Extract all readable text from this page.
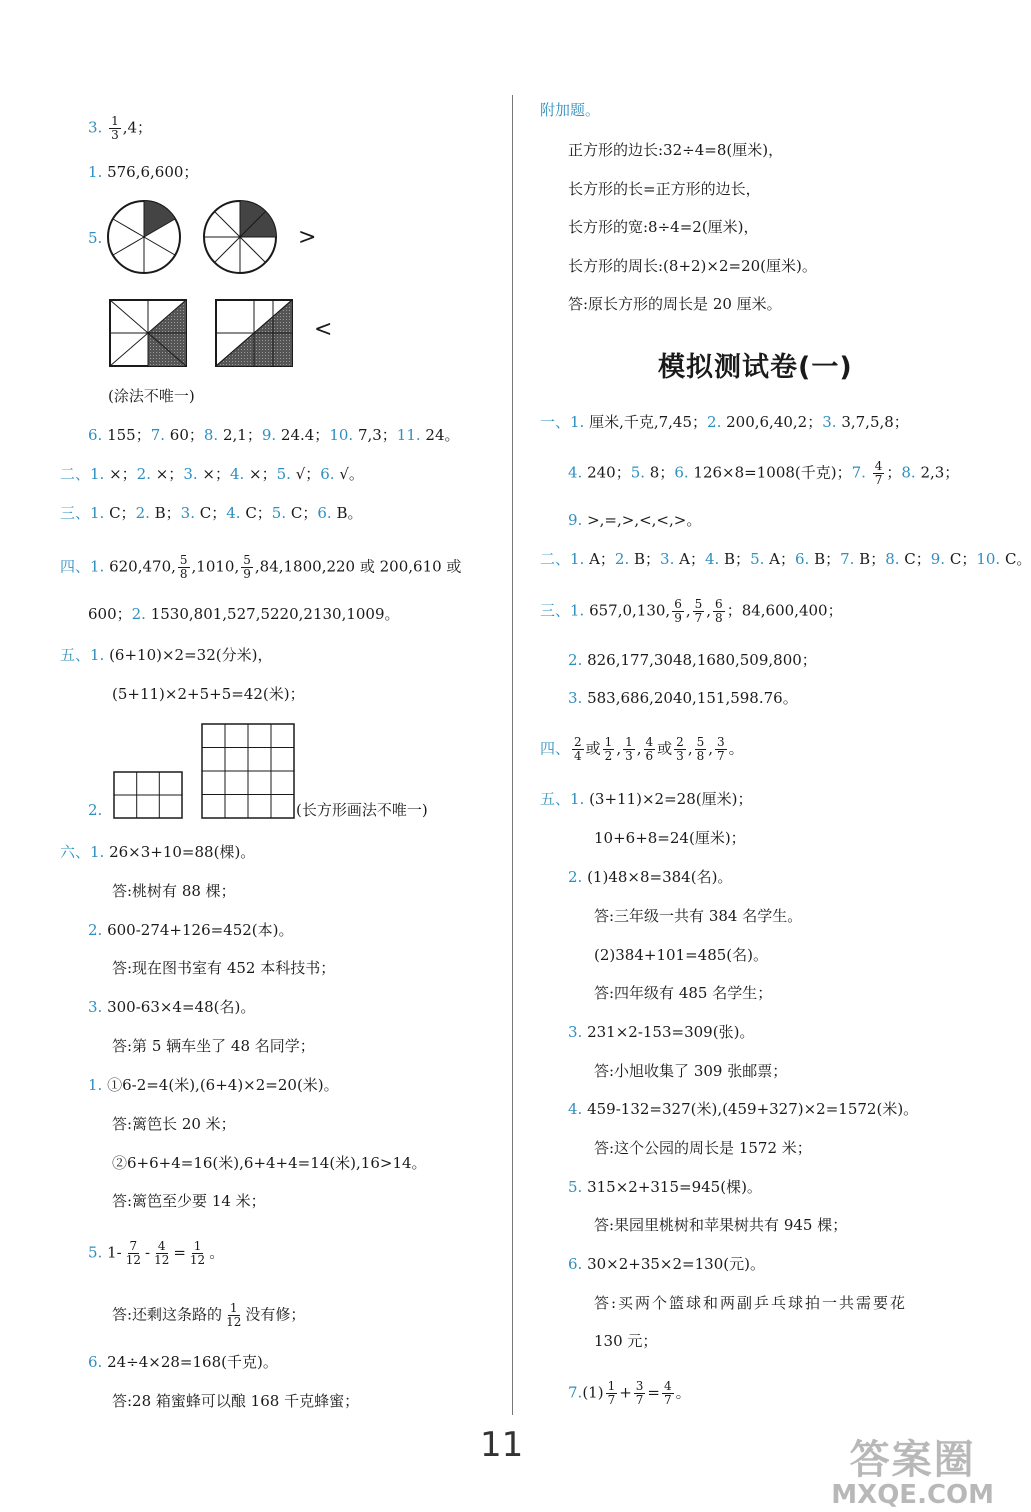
3. $\frac{1}{3} ,4$；
1. 576,6,600；
5.	>
<
(涂法不唯一)
6. 155；7. 60；8. 2,1；9. 24.4；10. 7,3；11. 24。
二、1. ×；2. ×；3. ×；4. ×；5. √；6. √。
三、1. C；2. B；3. C；4. C；5. C；6. B。
四、1. 620,470, $\frac{5}{8} ,1010$, $\frac{5}{9} ,84,1800,220$ 或 200,610 或
600；2. 1530,801,527,5220,2130,1009。
五、1. (6+10)×2=32(分米)，
(5+11)×2+5+5=42(米)；
2.	(长方形画法不唯一)
六、1. 26×3+10=88(棵)。
答:桃树有 88 棵；
2. 600-274+126=452(本)。
答:现在图书室有 452 本科技书；
3. 300-63×4=48(名)。
答:第 5 辆车坐了 48 名同学；
1. ①6-2=4(米),(6+4)×2=20(米)。
答:篱笆长 20 米；
②6+6+4=16(米),6+4+4=14(米),16>14。
答:篱笆至少要 14 米；
5. $1- \frac{7}{12} - \frac{4}{12} = \frac{1}{12}$ 。
答:还剩这条路的 $\frac{1}{12}$ 没有修；
6. 24÷4×28=168(千克)。
答:28 箱蜜蜂可以酿 168 千克蜂蜜；
附加题。
正方形的边长:32÷4=8(厘米)，
长方形的长=正方形的边长，
长方形的宽:8÷4=2(厘米)，
长方形的周长:(8+2)×2=20(厘米)。
答:原长方形的周长是 20 厘米。
模拟测试卷(一)
一、1. 厘米,千克,7,45；2. 200,6,40,2；3. 3,7,5,8；
4. 240；5. 8；6. 126×8=1008(千克)；7. $\frac{4}{7}$ ；8. 2,3；
9. >,=,>,<,<,>。
二、1. A；2. B；3. A；4. B；5. A；6. B；7. B；8. C；9. C；10. C。
三、1. 657,0,130, $\frac{6}{9}$ , $\frac{5}{7}$ , $\frac{6}{8}$ ；84,600,400；
2. 826,177,3048,1680,509,800；
3. 583,686,2040,151,598.76。
四、 $\frac{2}{4}$ 或 $\frac{1}{2}$ , $\frac{1}{3}$ , $\frac{4}{6}$ 或 $\frac{2}{3}$ , $\frac{5}{8}$ , $\frac{3}{7}$ 。
五、1. (3+11)×2=28(厘米)；
10+6+8=24(厘米)；
2. (1)48×8=384(名)。
答:三年级一共有 384 名学生。
(2)384+101=485(名)。
答:四年级有 485 名学生；
3. 231×2-153=309(张)。
答:小旭收集了 309 张邮票；
4. 459-132=327(米),(459+327)×2=1572(米)。
答:这个公园的周长是 1572 米；
5. 315×2+315=945(棵)。
答:果园里桃树和苹果树共有 945 棵；
6. 30×2+35×2=130(元)。
答:买两个篮球和两副乒乓球拍一共需要花
130 元；
$7.(1) \frac{1}{7} + \frac{3}{7} = \frac{4}{7}$ 。
11	答案圈
MXQE.COM
